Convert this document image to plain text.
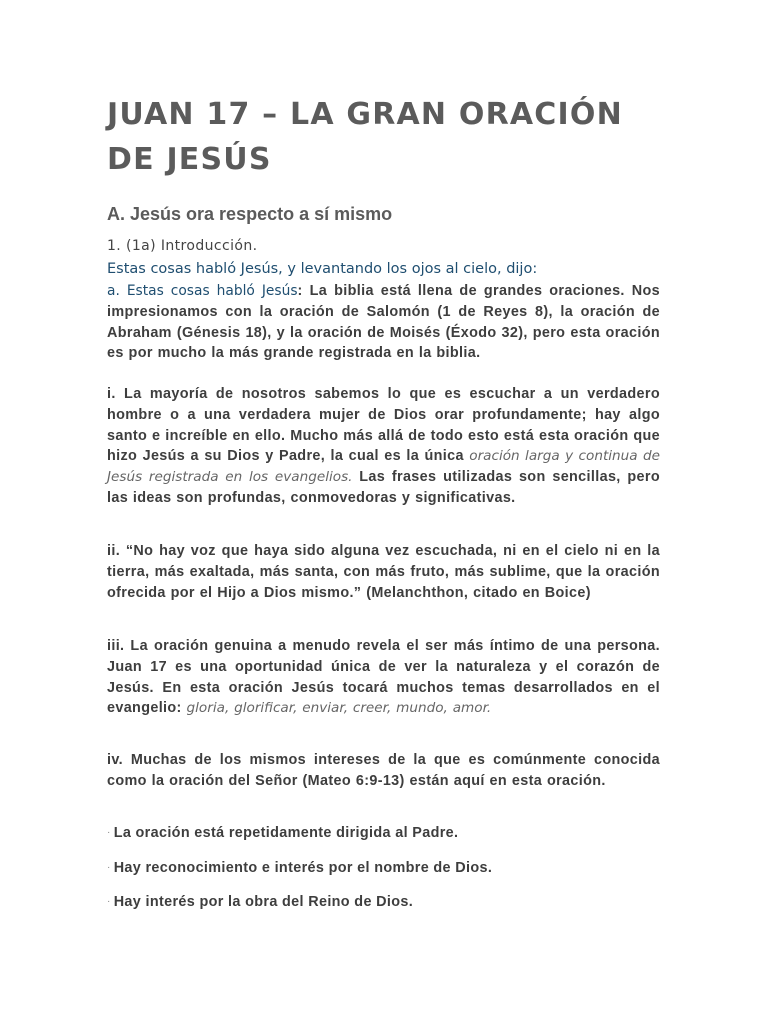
JUAN 17 – LA GRAN ORACIÓN DE JESÚS
A. Jesús ora respecto a sí mismo
1. (1a) Introducción.
Estas cosas habló Jesús, y levantando los ojos al cielo, dijo:

a. Estas cosas habló Jesús: La biblia está llena de grandes oraciones. Nos impresionamos con la oración de Salomón (1 de Reyes 8), la oración de Abraham (Génesis 18), y la oración de Moisés (Éxodo 32), pero esta oración es por mucho la más grande registrada en la biblia.

i. La mayoría de nosotros sabemos lo que es escuchar a un verdadero hombre o a una verdadera mujer de Dios orar profundamente; hay algo santo e increíble en ello. Mucho más allá de todo esto está esta oración que hizo Jesús a su Dios y Padre, la cual es la única oración larga y continua de Jesús registrada en los evangelios. Las frases utilizadas son sencillas, pero las ideas son profundas, conmovedoras y significativas.

ii. “No hay voz que haya sido alguna vez escuchada, ni en el cielo ni en la tierra, más exaltada, más santa, con más fruto, más sublime, que la oración ofrecida por el Hijo a Dios mismo.” (Melanchthon, citado en Boice)

iii. La oración genuina a menudo revela el ser más íntimo de una persona. Juan 17 es una oportunidad única de ver la naturaleza y el corazón de Jesús. En esta oración Jesús tocará muchos temas desarrollados en el evangelio: gloria, glorificar, enviar, creer, mundo, amor.

iv. Muchas de los mismos intereses de la que es comúnmente conocida como la oración del Señor (Mateo 6:9-13) están aquí en esta oración.

· La oración está repetidamente dirigida al Padre.
· Hay reconocimiento e interés por el nombre de Dios.
· Hay interés por la obra del Reino de Dios.
